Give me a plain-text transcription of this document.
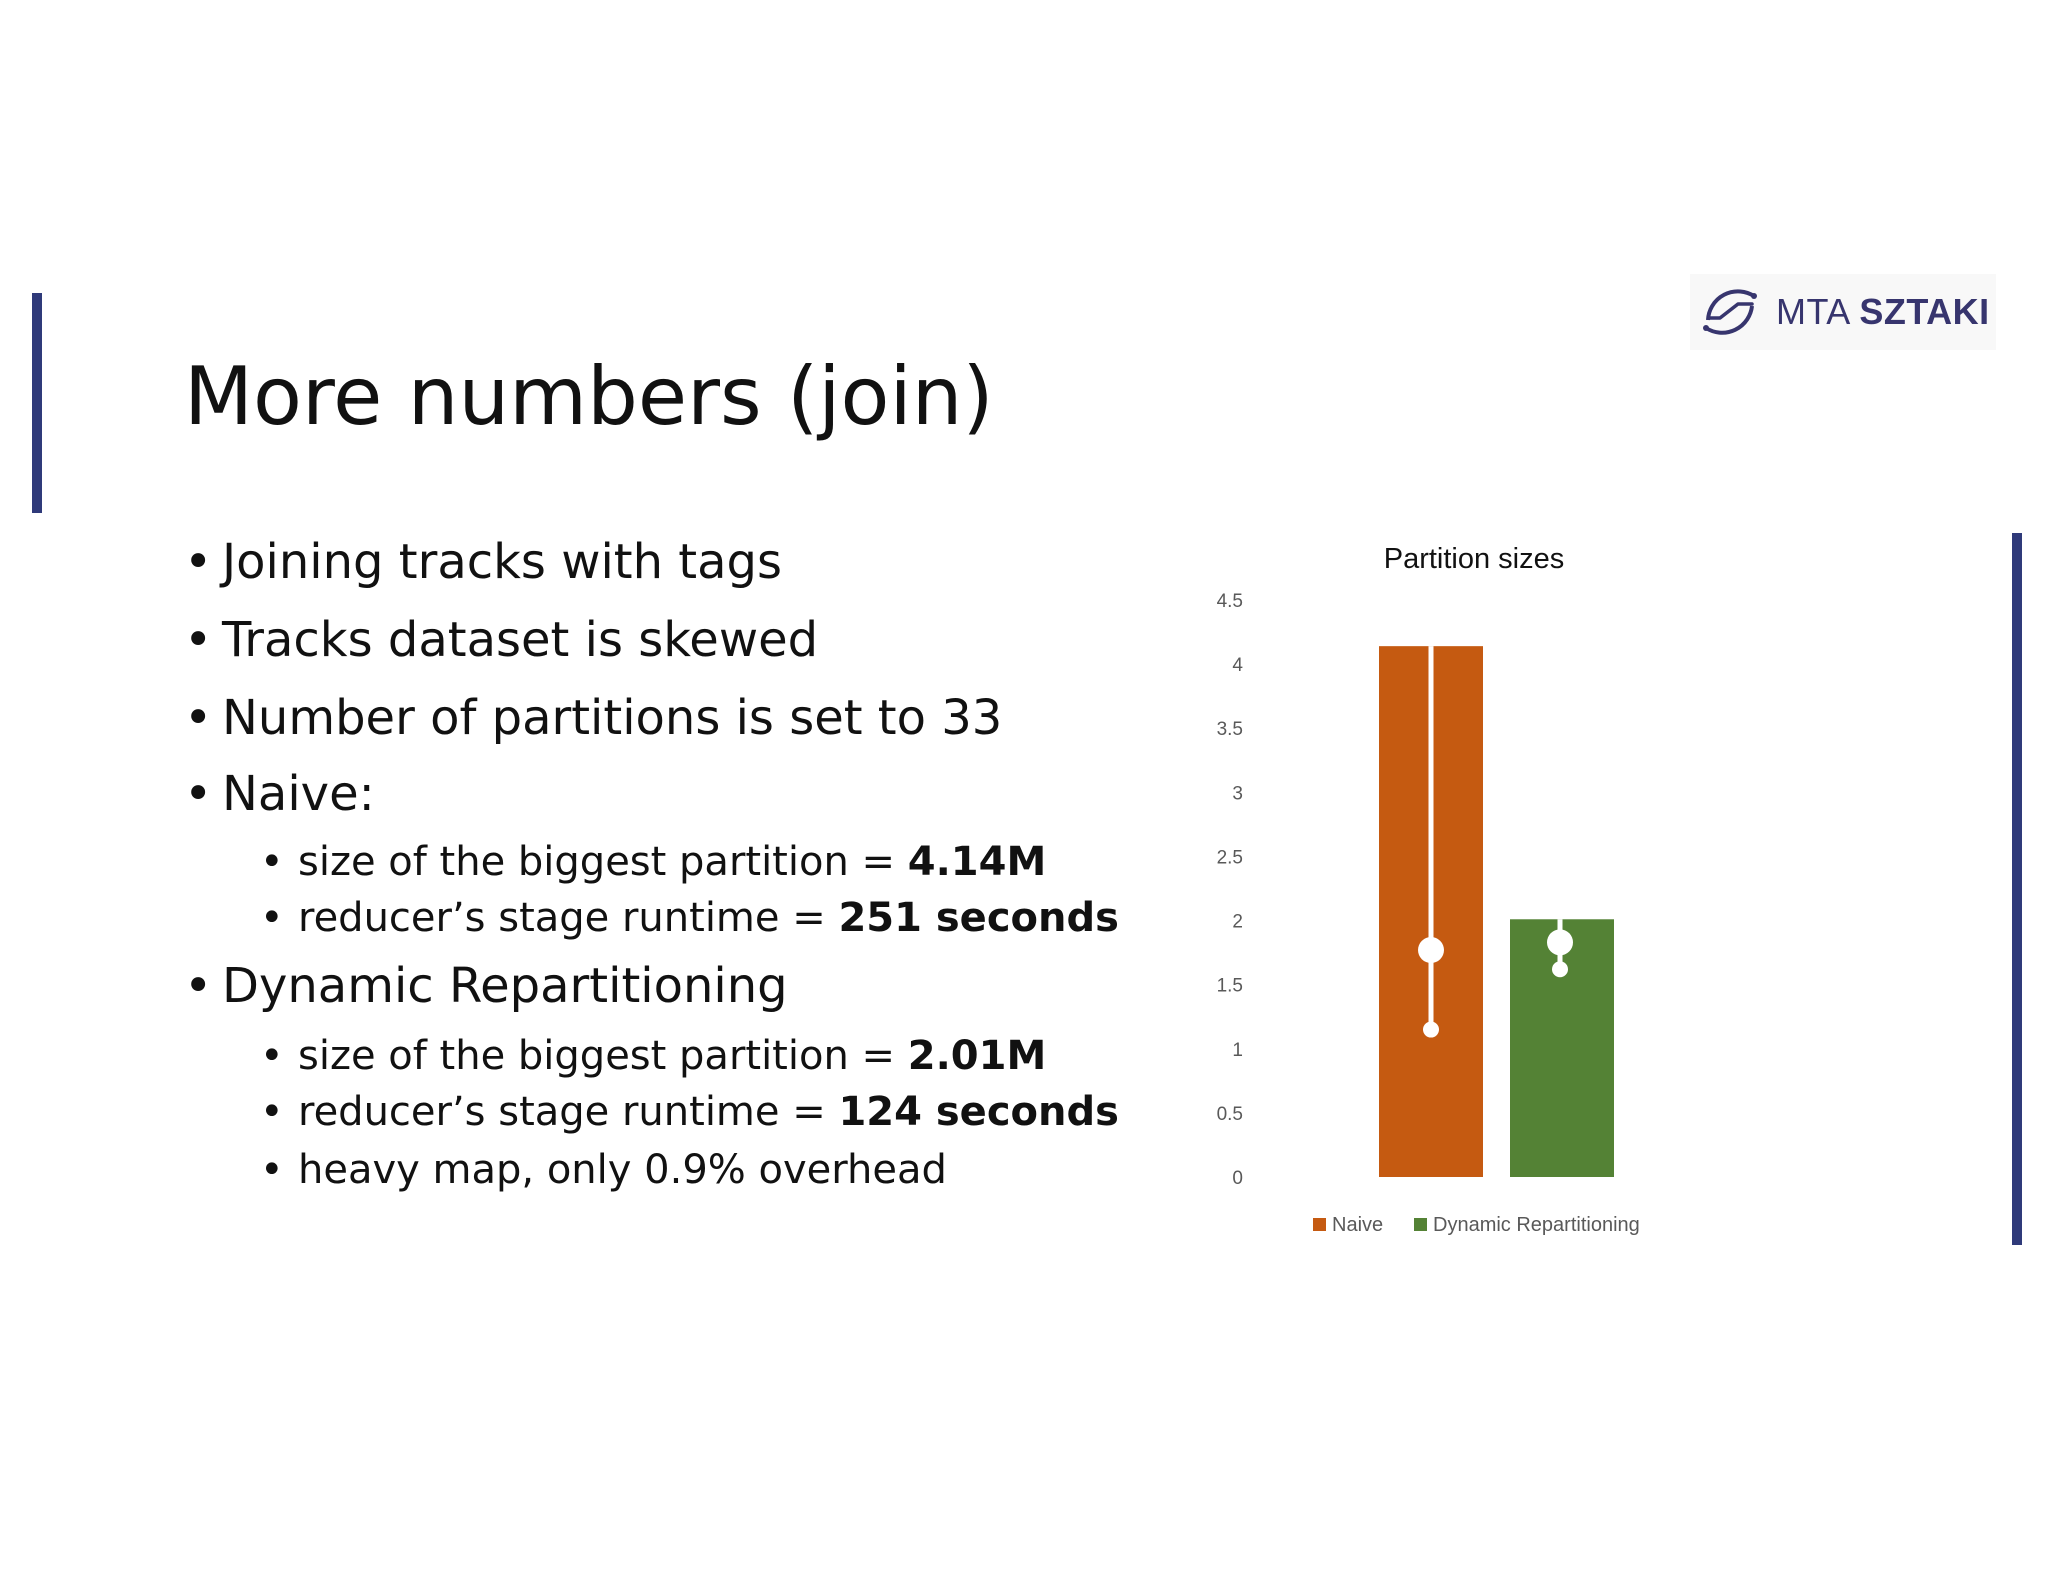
MTA SZTAKI
More numbers (join)
• Joining tracks with tags
• Tracks dataset is skewed
• Number of partitions is set to 33
• Naive:
• size of the biggest partition = 4.14M
• reducer’s stage runtime = 251 seconds
• Dynamic Repartitioning
• size of the biggest partition = 2.01M
• reducer’s stage runtime = 124 seconds
• heavy map, only 0.9% overhead
Partition sizes
0
0.5
1
1.5
2
2.5
3
3.5
4
4.5
Naive Dynamic Repartitioning
